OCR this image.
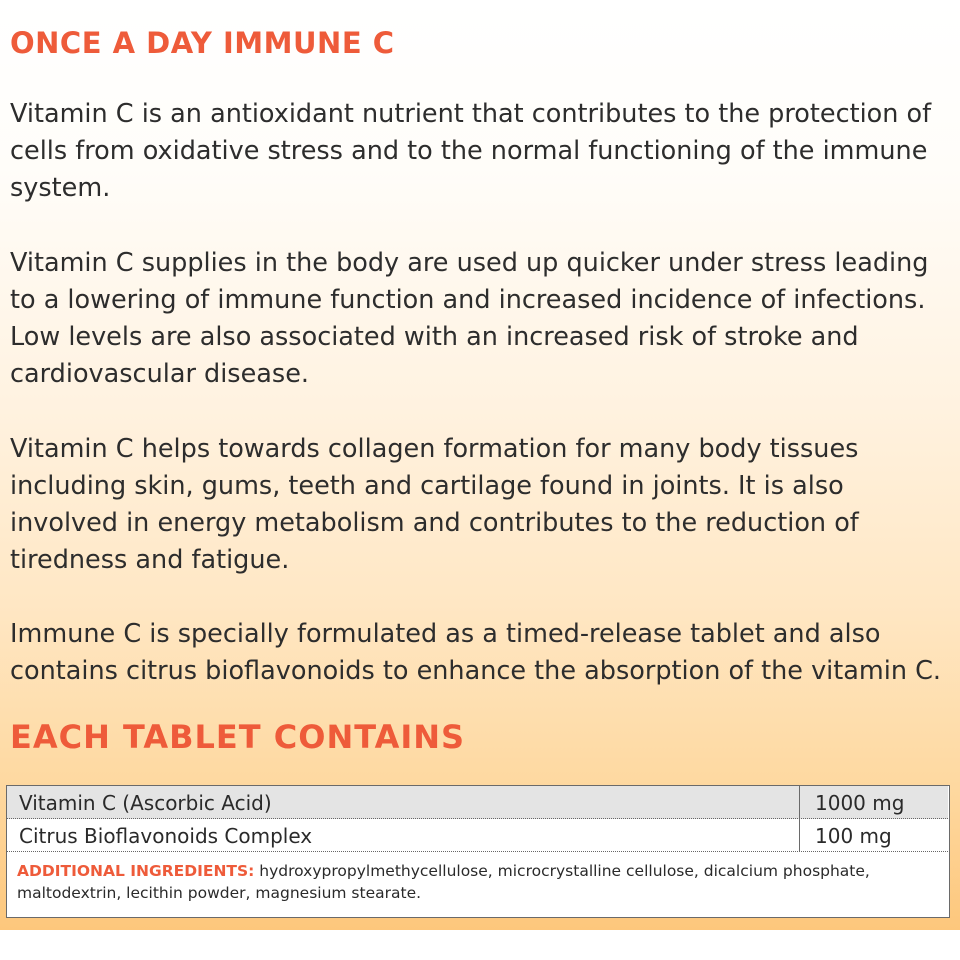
ONCE A DAY IMMUNE C

Vitamin C is an antioxidant nutrient that contributes to the protection of cells from oxidative stress and to the normal functioning of the immune system.

Vitamin C supplies in the body are used up quicker under stress leading to a lowering of immune function and increased incidence of infections. Low levels are also associated with an increased risk of stroke and cardiovascular disease.

Vitamin C helps towards collagen formation for many body tissues including skin, gums, teeth and cartilage found in joints. It is also involved in energy metabolism and contributes to the reduction of tiredness and fatigue.

Immune C is specially formulated as a timed-release tablet and also contains citrus bioflavonoids to enhance the absorption of the vitamin C.

EACH TABLET CONTAINS
Vitamin C (Ascorbic Acid)	1000 mg
Citrus Bioflavonoids Complex	100 mg

ADDITIONAL INGREDIENTS: hydroxypropylmethycellulose, microcrystalline cellulose, dicalcium phosphate, maltodextrin, lecithin powder, magnesium stearate.
